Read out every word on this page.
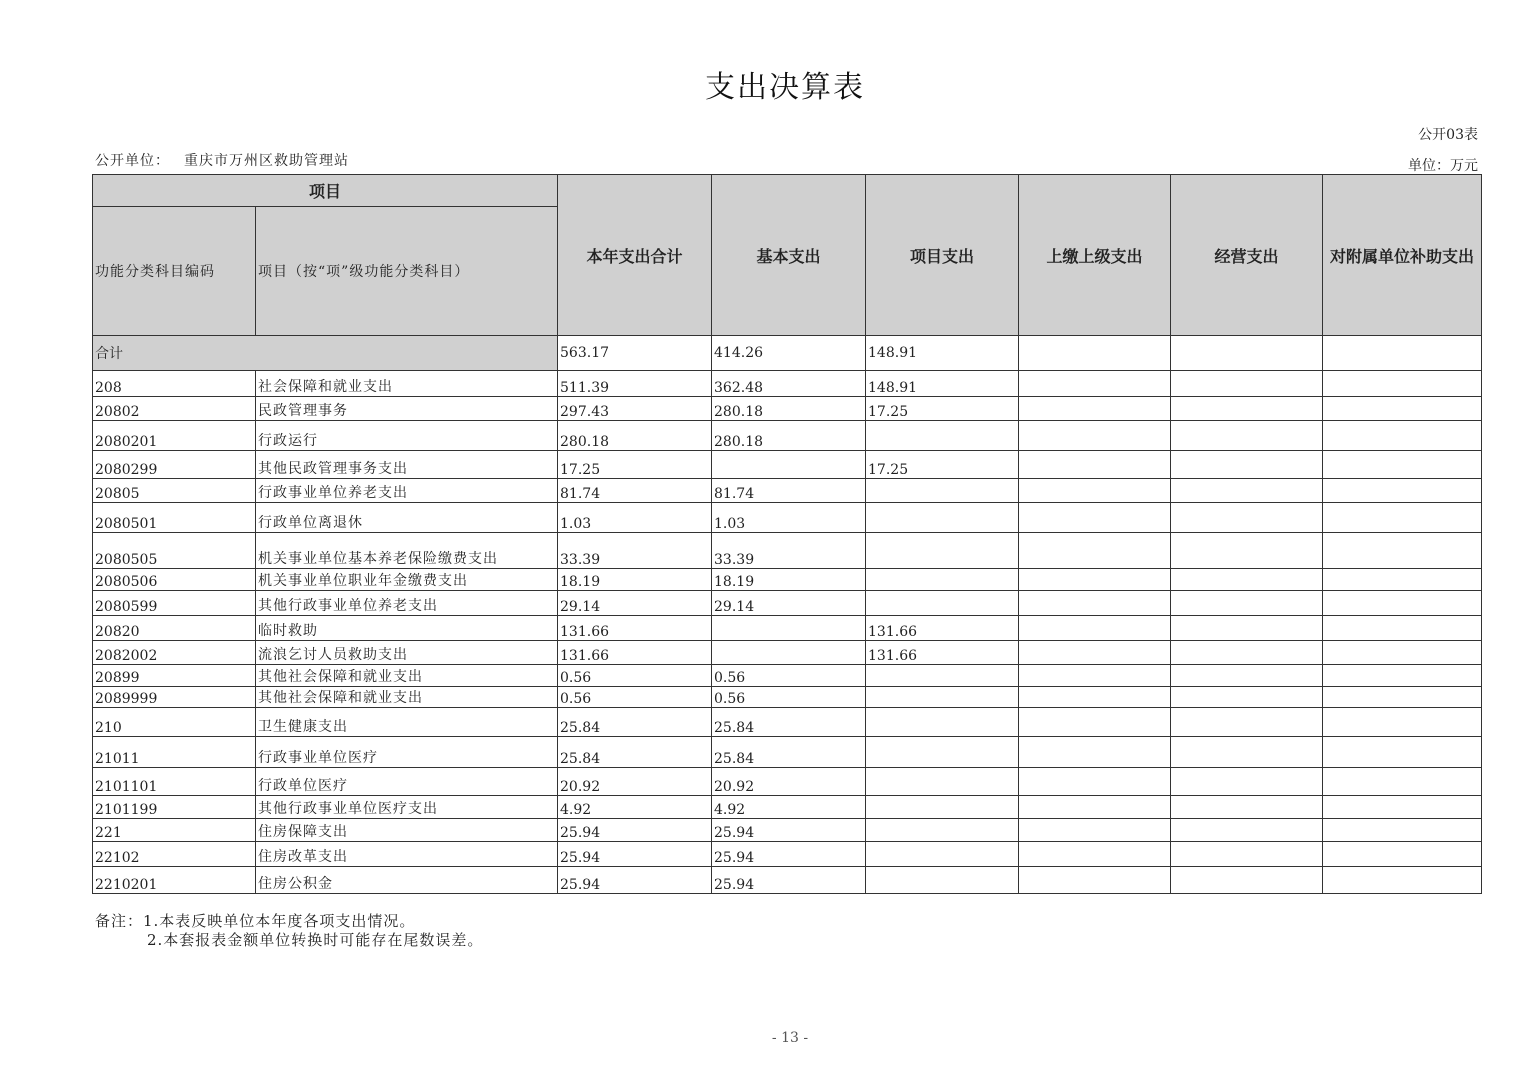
支出决算表
公开03表
单位：万元
公开单位： 重庆市万州区救助管理站
项目		本年支出合计	基本支出	项目支出	上缴上级支出	经营支出	对附属单位补助支出
功能分类科目编码	项目（按“项”级功能分类科目）						
合计		563.17	414.26	148.91			
208	社会保障和就业支出	511.39	362.48	148.91			
20802	民政管理事务	297.43	280.18	17.25			
2080201	行政运行	280.18	280.18				
2080299	其他民政管理事务支出	17.25		17.25			
20805	行政事业单位养老支出	81.74	81.74				
2080501	行政单位离退休	1.03	1.03				
2080505	机关事业单位基本养老保险缴费支出	33.39	33.39				
2080506	机关事业单位职业年金缴费支出	18.19	18.19				
2080599	其他行政事业单位养老支出	29.14	29.14				
20820	临时救助	131.66		131.66			
2082002	流浪乞讨人员救助支出	131.66		131.66			
20899	其他社会保障和就业支出	0.56	0.56				
2089999	其他社会保障和就业支出	0.56	0.56				
210	卫生健康支出	25.84	25.84				
21011	行政事业单位医疗	25.84	25.84				
2101101	行政单位医疗	20.92	20.92				
2101199	其他行政事业单位医疗支出	4.92	4.92				
221	住房保障支出	25.94	25.94				
22102	住房改革支出	25.94	25.94				
2210201	住房公积金	25.94	25.94				
备注：1.本表反映单位本年度各项支出情况。
2.本套报表金额单位转换时可能存在尾数误差。
- 13 -
